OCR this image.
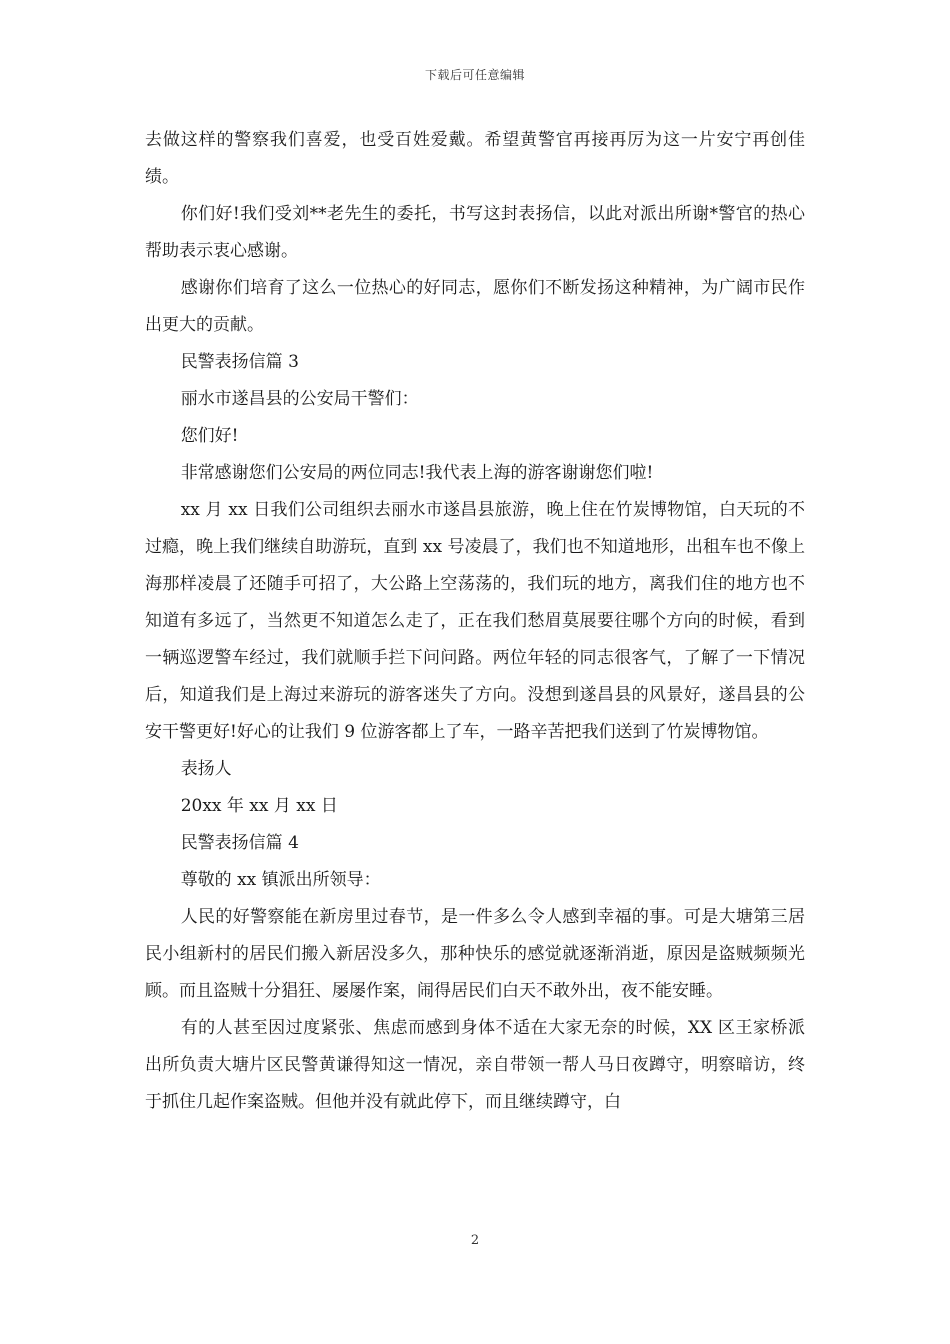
下载后可任意编辑

去做这样的警察我们喜爱，也受百姓爱戴。希望黄警官再接再厉为这一片安宁再创佳绩。

你们好!我们受刘**老先生的委托，书写这封表扬信，以此对派出所谢*警官的热心帮助表示衷心感谢。

感谢你们培育了这么一位热心的好同志，愿你们不断发扬这种精神，为广阔市民作出更大的贡献。

民警表扬信篇 3

丽水市遂昌县的公安局干警们：

您们好!

非常感谢您们公安局的两位同志!我代表上海的游客谢谢您们啦!

xx 月 xx 日我们公司组织去丽水市遂昌县旅游，晚上住在竹炭博物馆，白天玩的不过瘾，晚上我们继续自助游玩，直到 xx 号凌晨了，我们也不知道地形，出租车也不像上海那样凌晨了还随手可招了，大公路上空荡荡的，我们玩的地方，离我们住的地方也不知道有多远了，当然更不知道怎么走了，正在我们愁眉莫展要往哪个方向的时候，看到一辆巡逻警车经过，我们就顺手拦下问问路。两位年轻的同志很客气，了解了一下情况后，知道我们是上海过来游玩的游客迷失了方向。没想到遂昌县的风景好，遂昌县的公安干警更好!好心的让我们 9 位游客都上了车，一路辛苦把我们送到了竹炭博物馆。

表扬人

20xx 年 xx 月 xx 日

民警表扬信篇 4

尊敬的 xx 镇派出所领导：

人民的好警察能在新房里过春节，是一件多么令人感到幸福的事。可是大塘第三居民小组新村的居民们搬入新居没多久，那种快乐的感觉就逐渐消逝，原因是盗贼频频光顾。而且盗贼十分猖狂、屡屡作案，闹得居民们白天不敢外出，夜不能安睡。

有的人甚至因过度紧张、焦虑而感到身体不适在大家无奈的时候，XX 区王家桥派出所负责大塘片区民警黄谦得知这一情况，亲自带领一帮人马日夜蹲守，明察暗访，终于抓住几起作案盗贼。但他并没有就此停下，而且继续蹲守，白

2
